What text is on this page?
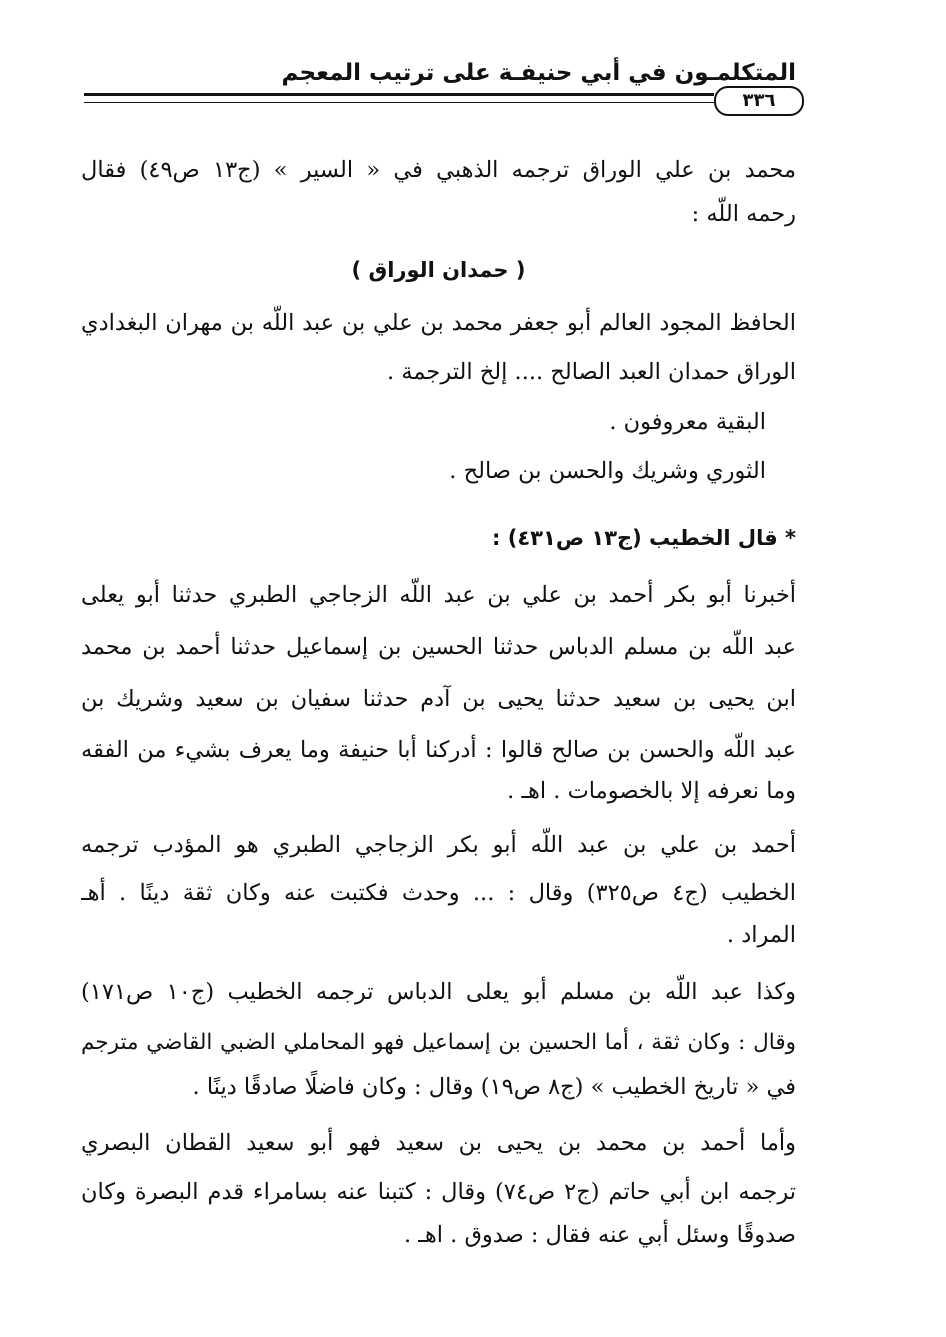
المتكلمـون في أبي حنيفـة على ترتيب المعجم
٣٣٦
محمد بن علي الوراق ترجمه الذهبي في « السير » (ج١٣ ص٤٩) فقال
رحمه اللّه :
( حمدان الوراق )
الحافظ المجود العالم أبو جعفر محمد بن علي بن عبد اللّه بن مهران البغدادي
الوراق حمدان العبد الصالح .... إلخ الترجمة .
البقية معروفون .
الثوري وشريك والحسن بن صالح .
* قال الخطيب (ج١٣ ص٤٣١) :
أخبرنا أبو بكر أحمد بن علي بن عبد اللّه الزجاجي الطبري حدثنا أبو يعلى
عبد اللّه بن مسلم الدباس حدثنا الحسين بن إسماعيل حدثنا أحمد بن محمد
ابن يحيى بن سعيد حدثنا يحيى بن آدم حدثنا سفيان بن سعيد وشريك بن
عبد اللّه والحسن بن صالح قالوا : أدركنا أبا حنيفة وما يعرف بشيء من الفقه
وما نعرفه إلا بالخصومات . اهـ .
أحمد بن علي بن عبد اللّه أبو بكر الزجاجي الطبري هو المؤدب ترجمه
الخطيب (ج٤ ص٣٢٥) وقال : ... وحدث فكتبت عنه وكان ثقة دينًا . أهـ
المراد .
وكذا عبد اللّه بن مسلم أبو يعلى الدباس ترجمه الخطيب (ج١٠ ص١٧١)
وقال : وكان ثقة ، أما الحسين بن إسماعيل فهو المحاملي الضبي القاضي مترجم
في « تاريخ الخطيب » (ج٨ ص١٩) وقال : وكان فاضلًا صادقًا دينًا .
وأما أحمد بن محمد بن يحيى بن سعيد فهو أبو سعيد القطان البصري
ترجمه ابن أبي حاتم (ج٢ ص٧٤) وقال : كتبنا عنه بسامراء قدم البصرة وكان
صدوقًا وسئل أبي عنه فقال : صدوق . اهـ .
